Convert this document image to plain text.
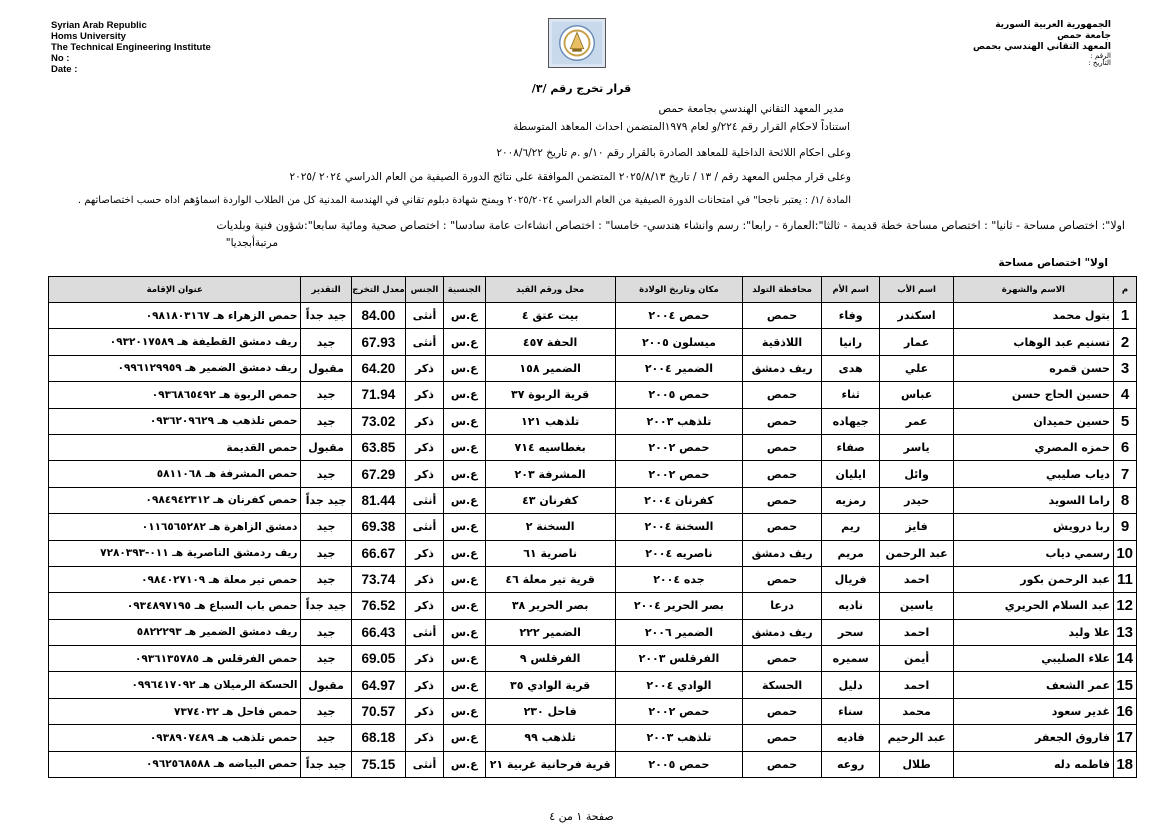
Syrian Arab Republic
Homs University
The Technical Engineering Institute
No :
Date :
الجمهورية العربية السورية
جامعة حمص
المعهد التقاني الهندسي بحمص
الرقم :
التاريخ :
قرار تخرج رقم /٣/
مدير المعهد التقاني الهندسي بجامعة حمص
استناداً لاحكام القرار رقم ٢٢٤/و لعام ١٩٧٩المتضمن احداث المعاهد المتوسطة
وعلى احكام اللائحة الداخلية للمعاهد الصادرة بالقرار رقم ١٠/و .م تاريخ ٢٠٠٨/٦/٢٢
وعلى قرار مجلس المعهد رقم / ١٣ / تاريخ ٢٠٢٥/٨/١٣ المتضمن الموافقة على نتائج الدورة الصيفية من العام الدراسي ٢٠٢٤ /٢٠٢٥
المادة /١/ : يعتبر ناجحا" في امتحانات الدورة الصيفية من العام الدراسي ٢٠٢٥/٢٠٢٤ ويمنح شهادة دبلوم تقاني في الهندسة المدنية كل من الطلاب الواردة اسماؤهم اداه حسب اختصاصاتهم .
اولا": اختصاص مساحة - ثانيا" : اختصاص مساحة خطة قديمة - ثالثا":العمارة - رابعا": رسم وانشاء هندسي- خامسا" : اختصاص انشاءات عامة سادسا" : اختصاص صحية ومائية سابعا":شؤون فنية وبلديات
مرتبةأبجديا"
اولا" اختصاص مساحة
م	الاسم والشهرة	اسم الأب	اسم الأم	محافظة التولد	مكان وتاريخ الولادة	محل ورقم القيد	الجنسية	الجنس	معدل التخرج	التقدير	عنوان الإقامة
1	بتول محمد	اسكندر	وفاء	حمص	حمص ٢٠٠٤	بيت عتق ٤	ع.س	أنثى	84.00	جيد جداً	حمص الزهراء هـ ٠٩٨١٨٠٣١٦٧
2	تسنيم عبد الوهاب	عمار	رانيا	اللاذقية	ميسلون ٢٠٠٥	الحفة ٤٥٧	ع.س	أنثى	67.93	جيد	ريف دمشق القطيفة هـ ٠٩٣٢٠١٧٥٨٩
3	حسن قمره	علي	هدى	ريف دمشق	الضمير ٢٠٠٤	الضمير ١٥٨	ع.س	ذكر	64.20	مقبول	ريف دمشق الضمير هـ ٠٩٩٦١٢٩٩٥٩
4	حسين الحاج حسن	عباس	ثناء	حمص	حمص ٢٠٠٥	قرية الربوة ٣٧	ع.س	ذكر	71.94	جيد	حمص الربوة هـ ٠٩٣٦٨٦٥٤٩٢
5	حسين حميدان	عمر	جيهاده	حمص	تلذهب ٢٠٠٣	تلذهب ١٢١	ع.س	ذكر	73.02	جيد	حمص تلذهب هـ ٠٩٣٦٢٠٩٦٢٩
6	حمزه المصري	ياسر	صفاء	حمص	حمص ٢٠٠٢	بغطاسيه ٧١٤	ع.س	ذكر	63.85	مقبول	حمص القديمة
7	دياب صليبي	وائل	ايليان	حمص	حمص ٢٠٠٢	المشرفة ٢٠٣	ع.س	ذكر	67.29	جيد	حمص المشرفة هـ ٥٨١١٠٦٨
8	راما السويد	حيدر	رمزيه	حمص	كفرنان ٢٠٠٤	كفرنان ٤٣	ع.س	أنثى	81.44	جيد جداً	حمص كفرنان هـ ٠٩٨٤٩٤٢٣١٢
9	ربا درويش	فايز	ريم	حمص	السخنة ٢٠٠٤	السخنة ٢	ع.س	أنثى	69.38	جيد	دمشق الزاهرة هـ ٠١١٦٥٦٥٢٨٢
10	رسمي دياب	عبد الرحمن	مريم	ريف دمشق	ناصريه ٢٠٠٤	ناصرية ٦١	ع.س	ذكر	66.67	جيد	ريف ردمشق الناصرية هـ ٠١١-٧٢٨٠٣٩٣
11	عبد الرحمن بكور	احمد	فريال	حمص	جده ٢٠٠٤	قرية تير معلة ٤٦	ع.س	ذكر	73.74	جيد	حمص تير معلة هـ ٠٩٨٤٠٢٧١٠٩
12	عبد السلام الحريري	ياسين	ناديه	درعا	بصر الحرير ٢٠٠٤	بصر الحرير ٣٨	ع.س	ذكر	76.52	جيد جداً	حمص باب السباع هـ ٠٩٣٤٨٩٧١٩٥
13	علا وليد	احمد	سحر	ريف دمشق	الضمير ٢٠٠٦	الضمير ٢٢٢	ع.س	أنثى	66.43	جيد	ريف دمشق الضمير هـ ٥٨٢٢٢٩٣
14	علاء الصليبي	أيمن	سميره	حمص	الفرقلس ٢٠٠٣	الفرقلس ٩	ع.س	ذكر	69.05	جيد	حمص الفرقلس هـ ٠٩٣٦١٣٥٧٨٥
15	عمر الشعف	احمد	دليل	الحسكة	الوادي ٢٠٠٤	قرية الوادي ٣٥	ع.س	ذكر	64.97	مقبول	الحسكة الرميلان هـ ٠٩٩٦٤١٧٠٩٢
16	غدير سعود	محمد	سناء	حمص	حمص ٢٠٠٢	فاحل ٢٣٠	ع.س	ذكر	70.57	جيد	حمص فاحل هـ ٧٣٧٤٠٣٢
17	فاروق الجعفر	عبد الرحيم	فاديه	حمص	تلذهب ٢٠٠٣	تلذهب ٩٩	ع.س	ذكر	68.18	جيد	حمص تلذهب هـ ٠٩٣٨٩٠٧٤٨٩
18	فاطمه دله	طلال	روعه	حمص	حمص ٢٠٠٥	قرية فرحانية غربية ٢١	ع.س	أنثى	75.15	جيد جداً	حمص البياضه هـ ٠٩٦٢٥٦٨٥٨٨
صفحة ١ من ٤
